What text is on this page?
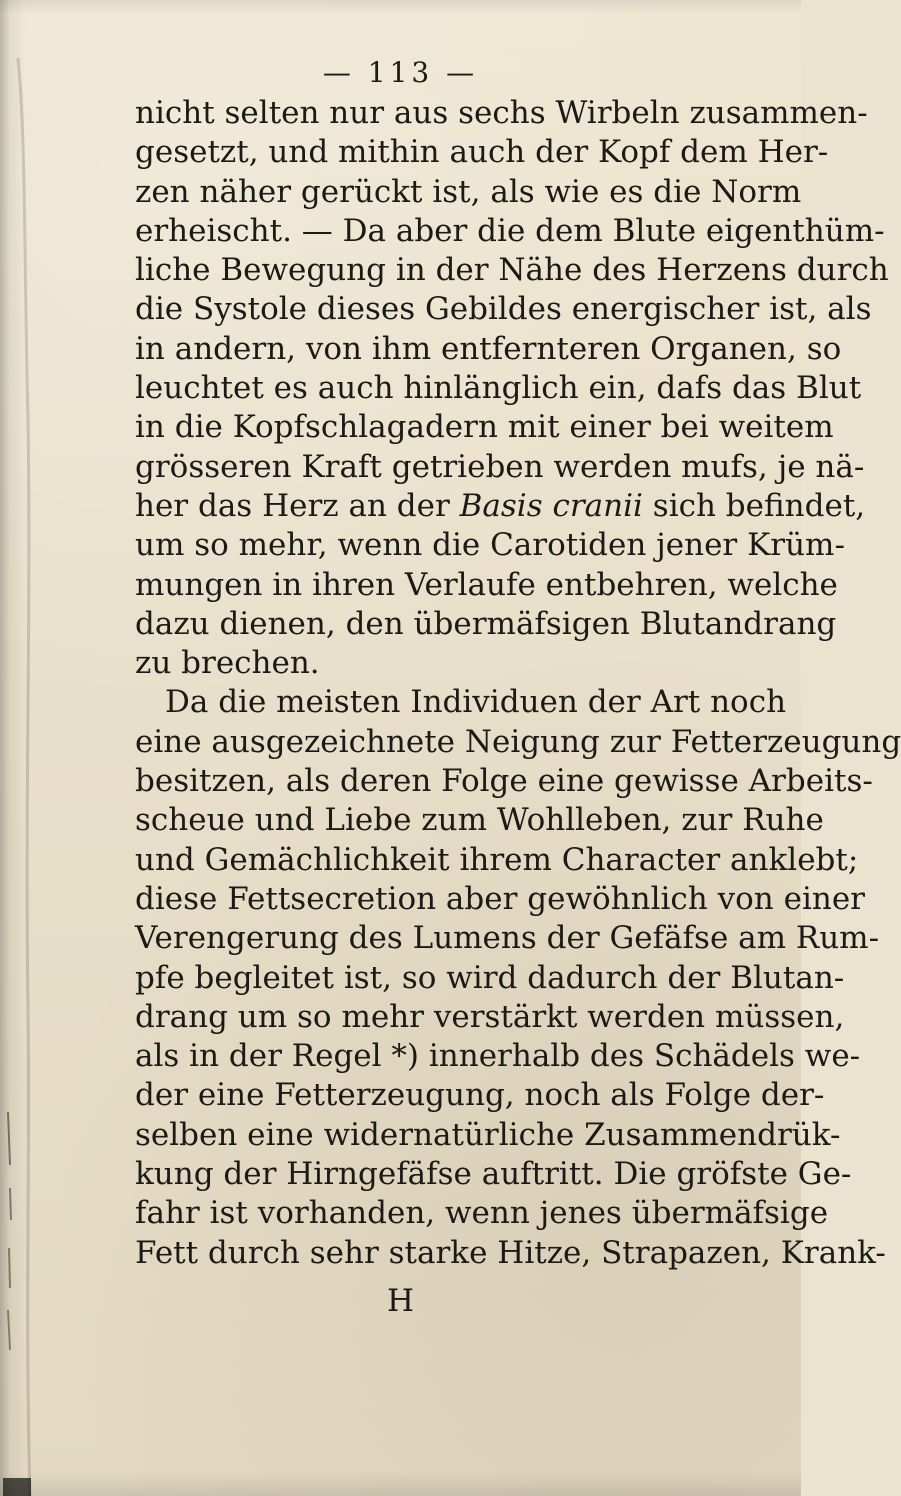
— 113 —
nicht selten nur aus sechs Wirbeln zusammen-
gesetzt, und mithin auch der Kopf dem Her-
zen näher gerückt ist, als wie es die Norm
erheischt. — Da aber die dem Blute eigenthüm-
liche Bewegung in der Nähe des Herzens durch
die Systole dieses Gebildes energischer ist, als
in andern, von ihm entfernteren Organen, so
leuchtet es auch hinlänglich ein, dafs das Blut
in die Kopfschlagadern mit einer bei weitem
grösseren Kraft getrieben werden mufs, je nä-
her das Herz an der Basis cranii sich befindet,
um so mehr, wenn die Carotiden jener Krüm-
mungen in ihren Verlaufe entbehren, welche
dazu dienen, den übermäfsigen Blutandrang
zu brechen.
Da die meisten Individuen der Art noch
eine ausgezeichnete Neigung zur Fetterzeugung
besitzen, als deren Folge eine gewisse Arbeits-
scheue und Liebe zum Wohlleben, zur Ruhe
und Gemächlichkeit ihrem Character anklebt;
diese Fettsecretion aber gewöhnlich von einer
Verengerung des Lumens der Gefäfse am Rum-
pfe begleitet ist, so wird dadurch der Blutan-
drang um so mehr verstärkt werden müssen,
als in der Regel *) innerhalb des Schädels we-
der eine Fetterzeugung, noch als Folge der-
selben eine widernatürliche Zusammendrük-
kung der Hirngefäfse auftritt. Die gröfste Ge-
fahr ist vorhanden, wenn jenes übermäfsige
Fett durch sehr starke Hitze, Strapazen, Krank-
H
